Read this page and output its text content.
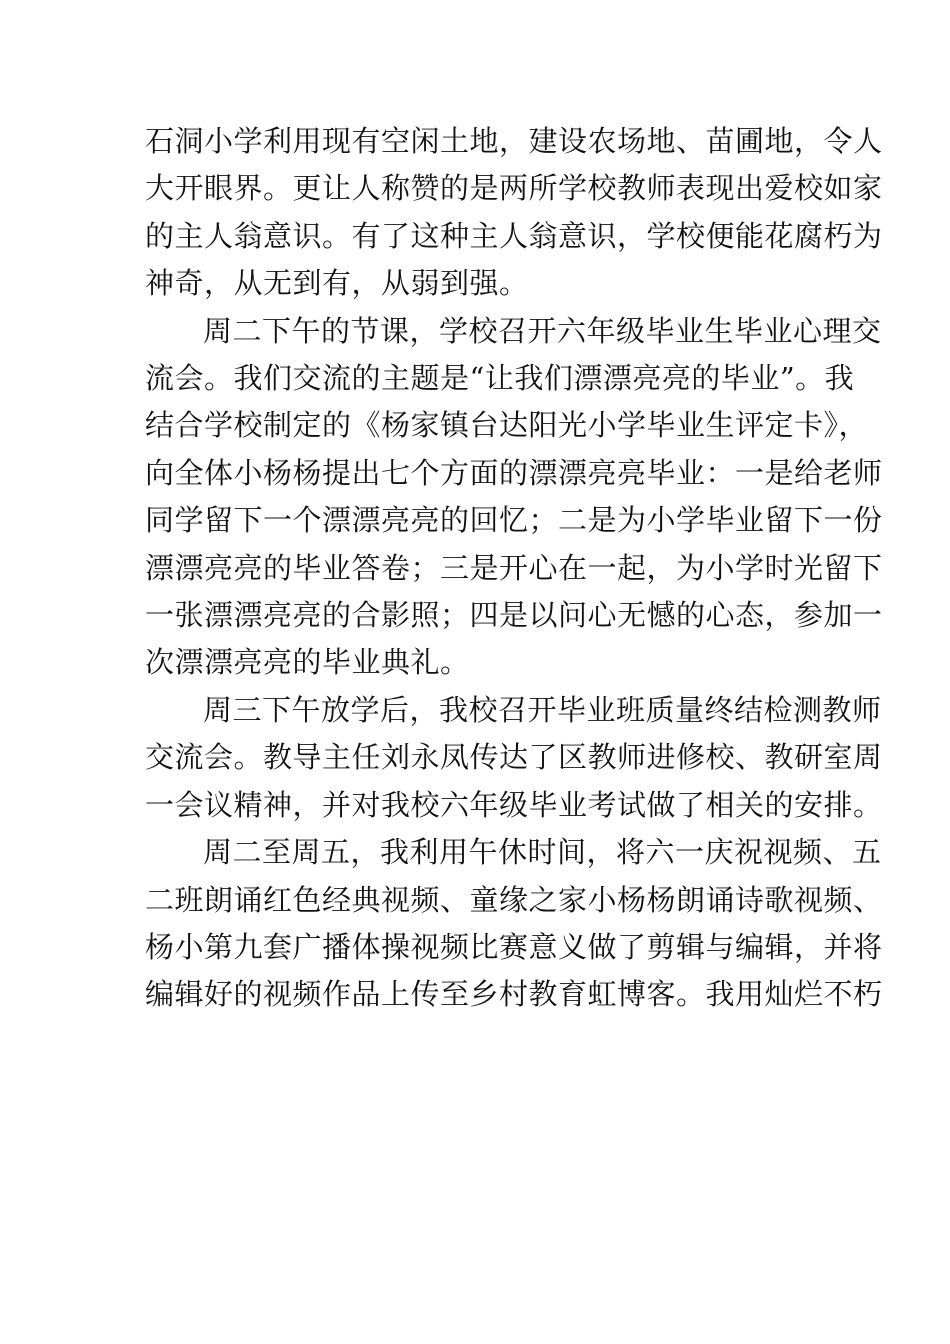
石洞小学利用现有空闲土地，建设农场地、苗圃地，令人
大开眼界。更让人称赞的是两所学校教师表现出爱校如家
的主人翁意识。有了这种主人翁意识，学校便能花腐朽为
神奇，从无到有，从弱到强。

周二下午的节课，学校召开六年级毕业生毕业心理交
流会。我们交流的主题是“让我们漂漂亮亮的毕业”。我
结合学校制定的《杨家镇台达阳光小学毕业生评定卡》，
向全体小杨杨提出七个方面的漂漂亮亮毕业：一是给老师
同学留下一个漂漂亮亮的回忆；二是为小学毕业留下一份
漂漂亮亮的毕业答卷；三是开心在一起，为小学时光留下
一张漂漂亮亮的合影照；四是以问心无憾的心态，参加一
次漂漂亮亮的毕业典礼。

周三下午放学后，我校召开毕业班质量终结检测教师
交流会。教导主任刘永凤传达了区教师进修校、教研室周
一会议精神，并对我校六年级毕业考试做了相关的安排。

周二至周五，我利用午休时间，将六一庆祝视频、五
二班朗诵红色经典视频、童缘之家小杨杨朗诵诗歌视频、
杨小第九套广播体操视频比赛意义做了剪辑与编辑，并将
编辑好的视频作品上传至乡村教育虹博客。我用灿烂不朽
